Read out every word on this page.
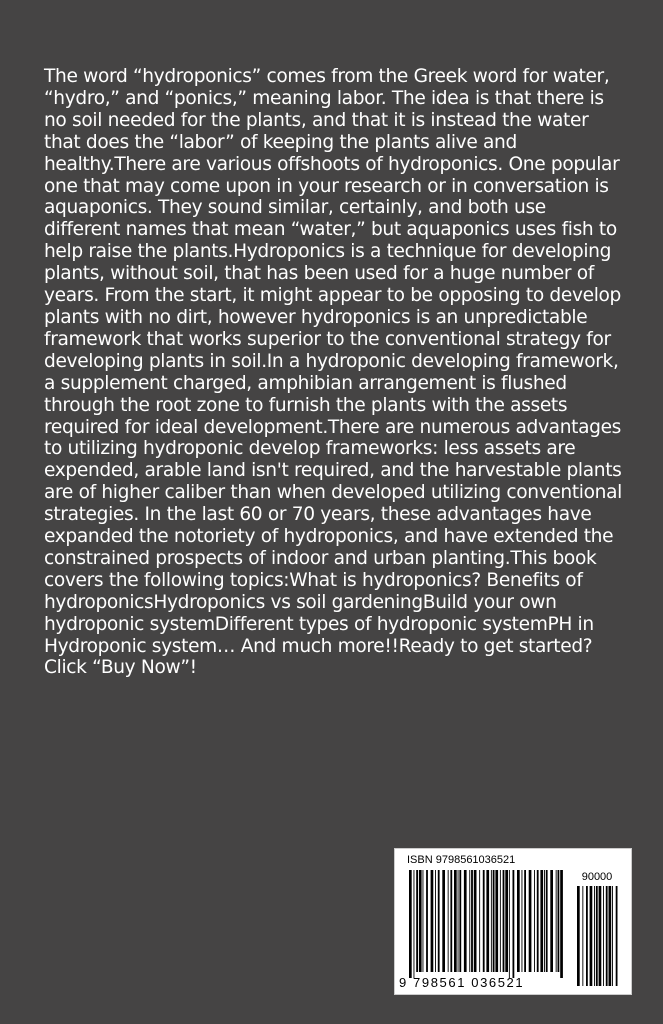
The word “hydroponics” comes from the Greek word for water, “hydro,” and “ponics,” meaning labor. The idea is that there is no soil needed for the plants, and that it is instead the water that does the “labor” of keeping the plants alive and healthy.There are various offshoots of hydroponics. One popular one that may come upon in your research or in conversation is aquaponics. They sound similar, certainly, and both use different names that mean “water,” but aquaponics uses fish to help raise the plants.Hydroponics is a technique for developing plants, without soil, that has been used for a huge number of years. From the start, it might appear to be opposing to develop plants with no dirt, however hydroponics is an unpredictable framework that works superior to the conventional strategy for developing plants in soil.In a hydroponic developing framework, a supplement charged, amphibian arrangement is flushed through the root zone to furnish the plants with the assets required for ideal development.There are numerous advantages to utilizing hydroponic develop frameworks: less assets are expended, arable land isn't required, and the harvestable plants are of higher caliber than when developed utilizing conventional strategies. In the last 60 or 70 years, these advantages have expanded the notoriety of hydroponics, and have extended the constrained prospects of indoor and urban planting.This book covers the following topics:What is hydroponics? Benefits of hydroponicsHydroponics vs soil gardeningBuild your own hydroponic systemDifferent types of hydroponic systemPH in Hydroponic system… And much more!!Ready to get started? Click “Buy Now”!

ISBN 9798561036521
90000
9 798561 036521
